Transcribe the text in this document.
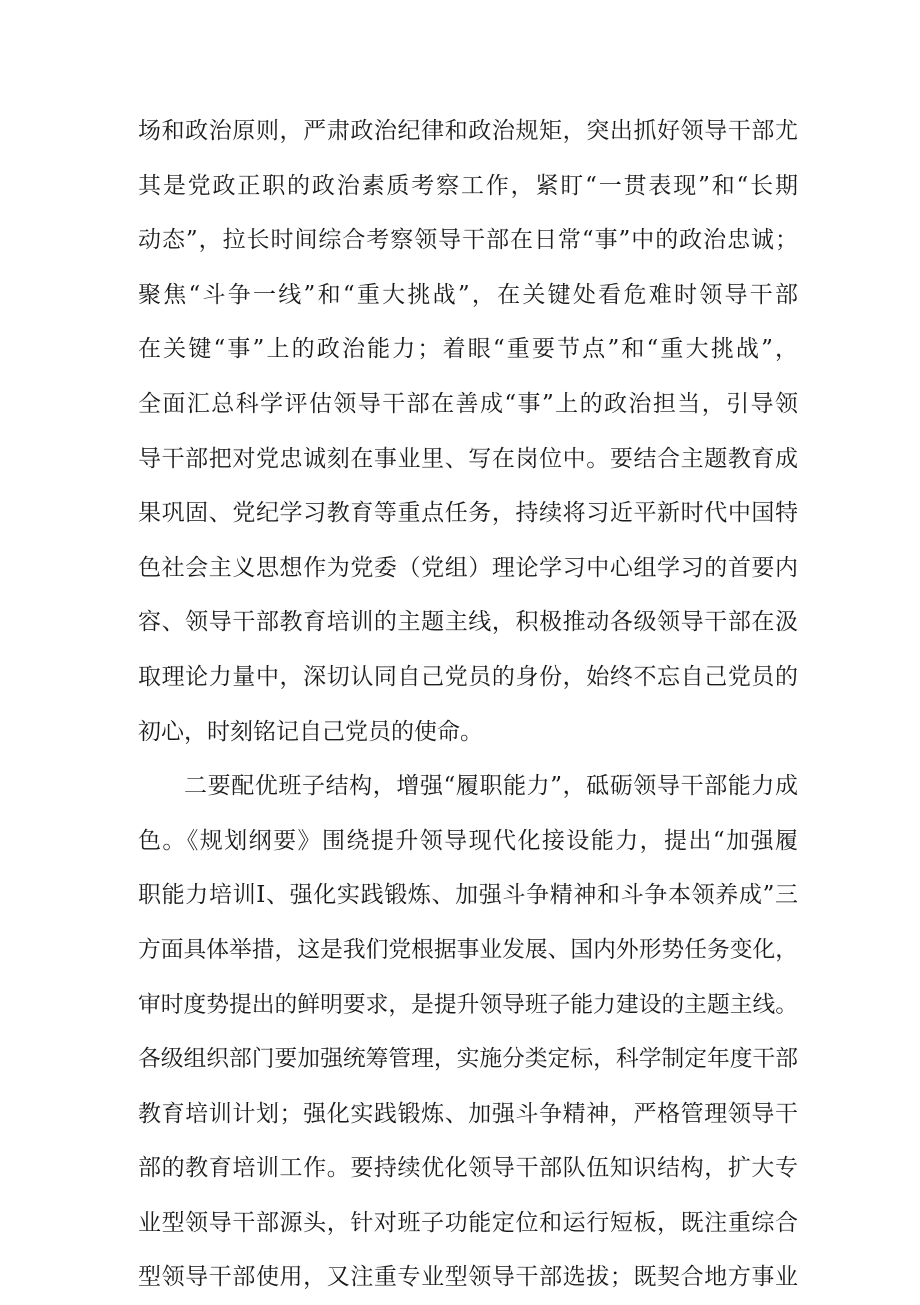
场和政治原则，严肃政治纪律和政治规矩，突出抓好领导干部尤
其是党政正职的政治素质考察工作，紧盯“一贯表现”和“长期
动态”，拉长时间综合考察领导干部在日常“事”中的政治忠诚；
聚焦“斗争一线”和“重大挑战”，在关键处看危难时领导干部
在关键“事”上的政治能力；着眼“重要节点”和“重大挑战”，
全面汇总科学评估领导干部在善成“事”上的政治担当，引导领
导干部把对党忠诚刻在事业里、写在岗位中。要结合主题教育成
果巩固、党纪学习教育等重点任务，持续将习近平新时代中国特
色社会主义思想作为党委（党组）理论学习中心组学习的首要内
容、领导干部教育培训的主题主线，积极推动各级领导干部在汲
取理论力量中，深切认同自己党员的身份，始终不忘自己党员的
初心，时刻铭记自己党员的使命。
二要配优班子结构，增强“履职能力”，砥砺领导干部能力成
色。《规划纲要》围绕提升领导现代化接设能力，提出“加强履
职能力培训I、强化实践锻炼、加强斗争精神和斗争本领养成”三
方面具体举措，这是我们党根据事业发展、国内外形势任务变化，
审时度势提出的鲜明要求，是提升领导班子能力建设的主题主线。
各级组织部门要加强统筹管理，实施分类定标，科学制定年度干部
教育培训计划；强化实践锻炼、加强斗争精神，严格管理领导干
部的教育培训工作。要持续优化领导干部队伍知识结构，扩大专
业型领导干部源头，针对班子功能定位和运行短板，既注重综合
型领导干部使用，又注重专业型领导干部选拔；既契合地方事业
